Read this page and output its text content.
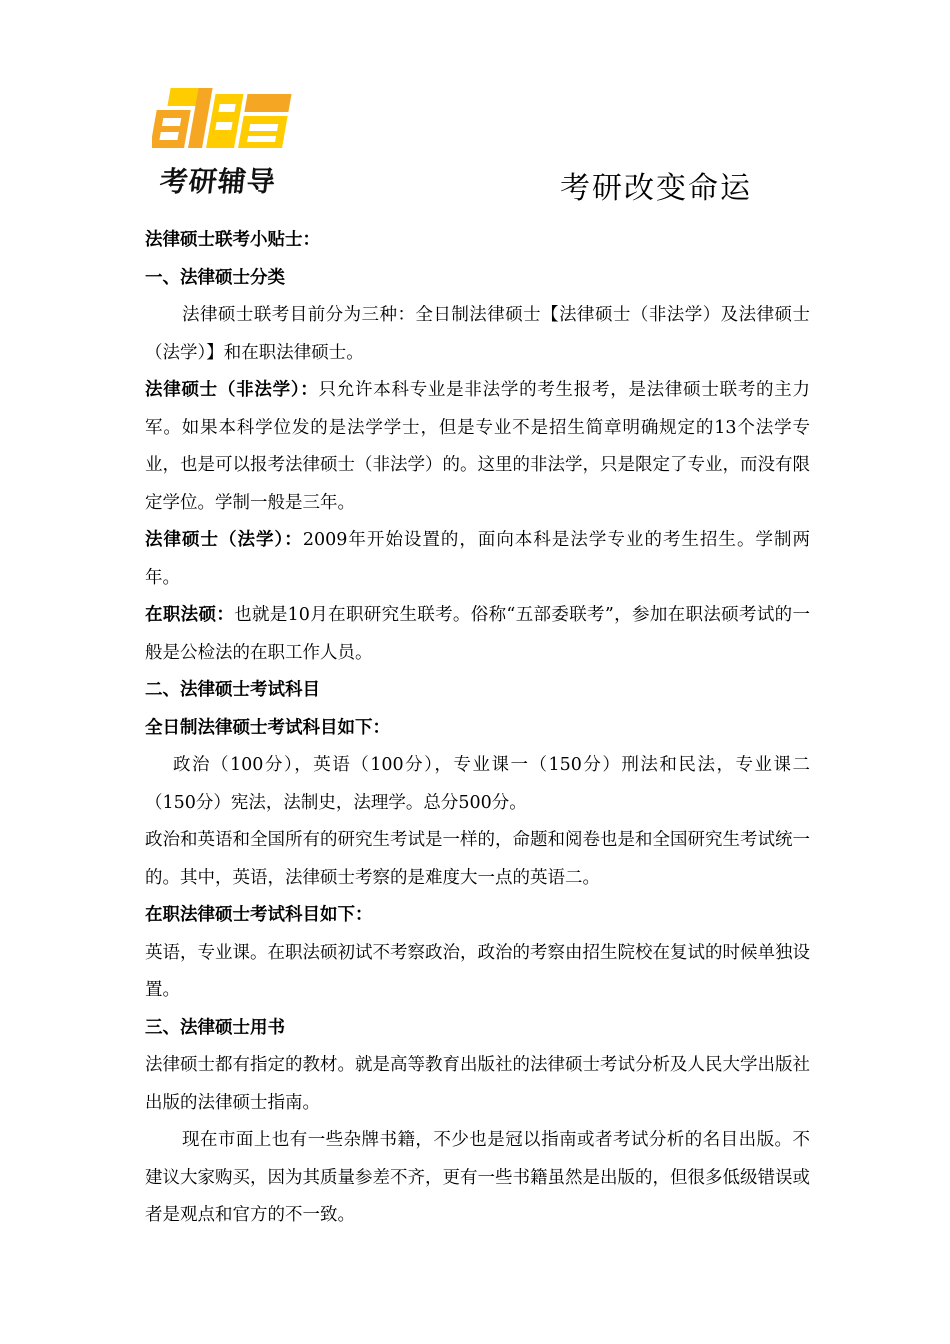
考研辅导	考研改变命运

法律硕士联考小贴士：

一、法律硕士分类

法律硕士联考目前分为三种：全日制法律硕士【法律硕士（非法学）及法律硕士（法学）】和在职法律硕士。

法律硕士（非法学）：只允许本科专业是非法学的考生报考，是法律硕士联考的主力军。如果本科学位发的是法学学士，但是专业不是招生简章明确规定的13个法学专业，也是可以报考法律硕士（非法学）的。这里的非法学，只是限定了专业，而没有限定学位。学制一般是三年。

法律硕士（法学）：2009年开始设置的，面向本科是法学专业的考生招生。学制两年。

在职法硕：也就是10月在职研究生联考。俗称“五部委联考”，参加在职法硕考试的一般是公检法的在职工作人员。

二、法律硕士考试科目

全日制法律硕士考试科目如下：

政治（100分），英语（100分），专业课一（150分）刑法和民法，专业课二（150分）宪法，法制史，法理学。总分500分。

政治和英语和全国所有的研究生考试是一样的，命题和阅卷也是和全国研究生考试统一的。其中，英语，法律硕士考察的是难度大一点的英语二。

在职法律硕士考试科目如下：

英语，专业课。在职法硕初试不考察政治，政治的考察由招生院校在复试的时候单独设置。

三、法律硕士用书

法律硕士都有指定的教材。就是高等教育出版社的法律硕士考试分析及人民大学出版社出版的法律硕士指南。

现在市面上也有一些杂牌书籍，不少也是冠以指南或者考试分析的名目出版。不建议大家购买，因为其质量参差不齐，更有一些书籍虽然是出版的，但很多低级错误或者是观点和官方的不一致。
